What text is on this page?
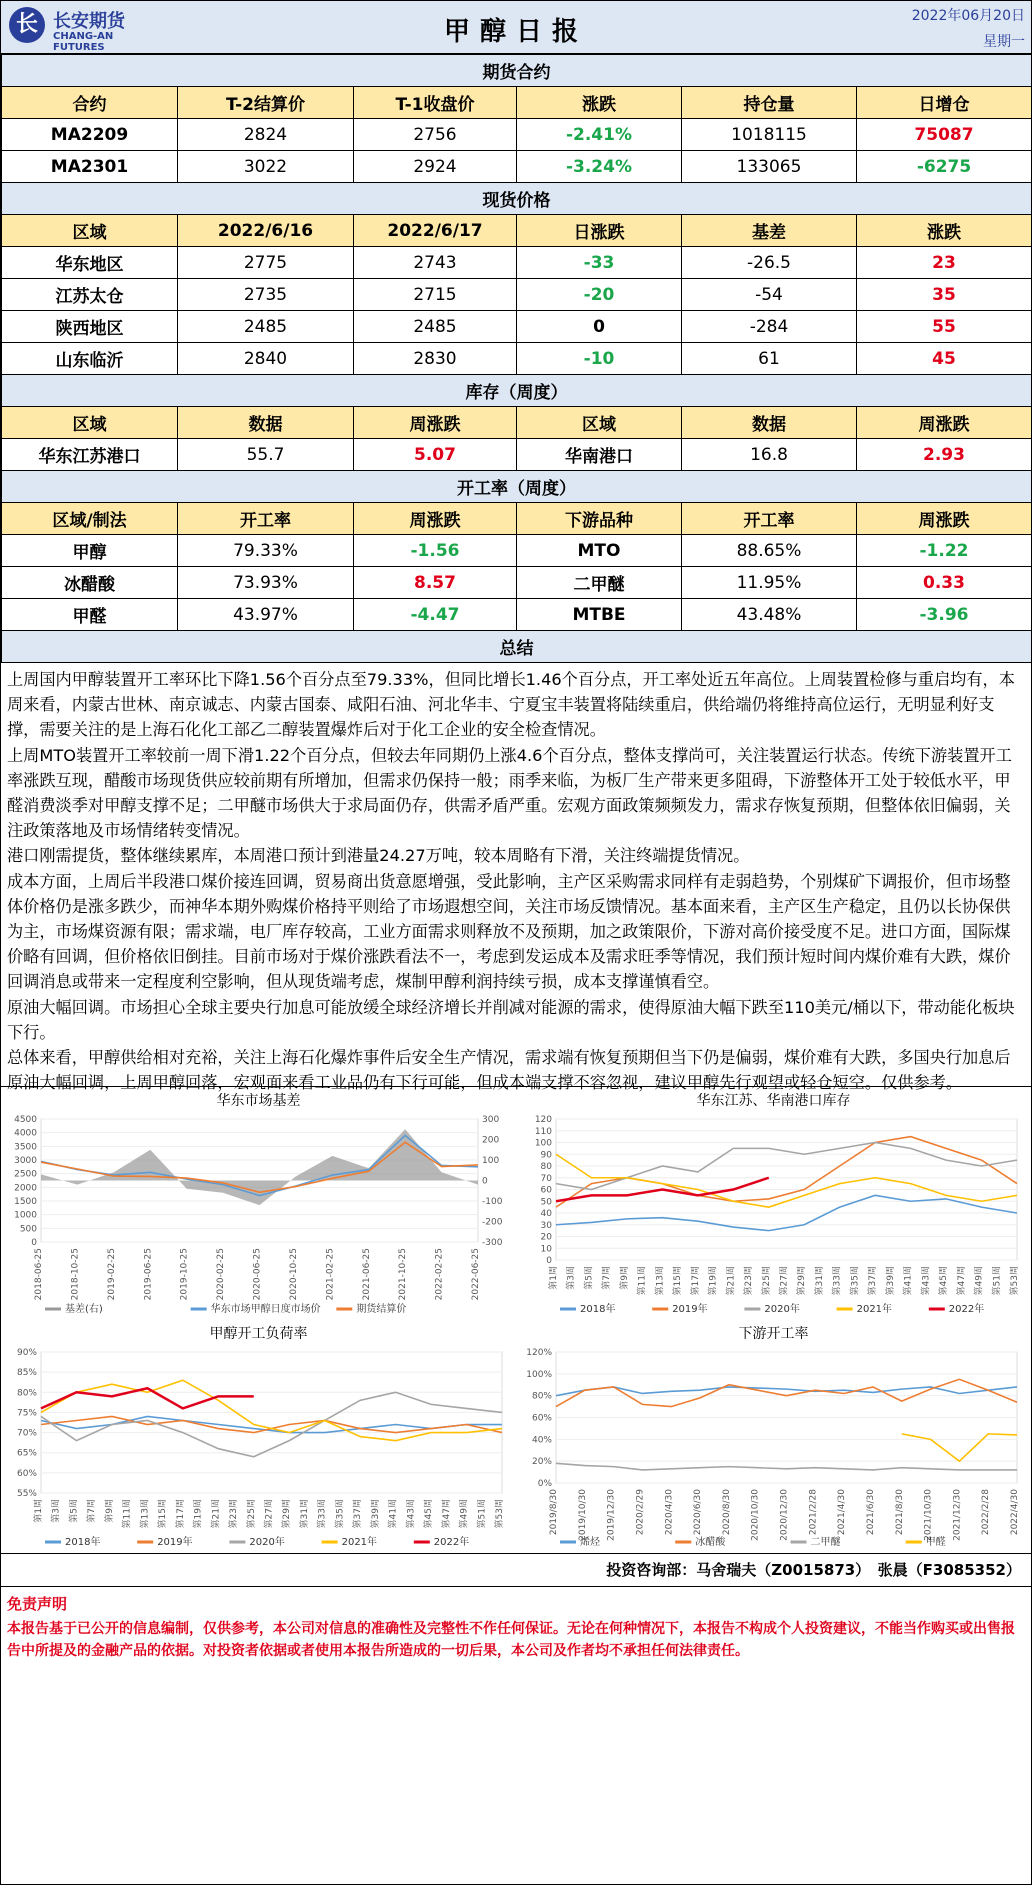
长 长安期货
CHANG-AN FUTURES
甲醇日报
2022年06月20日
星期一
期货合约					
合约	T-2结算价	T-1收盘价	涨跌	持仓量	日增仓
MA2209	2824	2756	-2.41%	1018115	75087
MA2301	3022	2924	-3.24%	133065	-6275
现货价格					
区域	2022/6/16	2022/6/17	日涨跌	基差	涨跌
华东地区	2775	2743	-33	-26.5	23
江苏太仓	2735	2715	-20	-54	35
陕西地区	2485	2485	0	-284	55
山东临沂	2840	2830	-10	61	45
库存（周度）					
区域	数据	周涨跌	区域	数据	周涨跌
华东江苏港口	55.7	5.07	华南港口	16.8	2.93
开工率（周度）					
区域/制法	开工率	周涨跌	下游品种	开工率	周涨跌
甲醇	79.33%	-1.56	MTO	88.65%	-1.22
冰醋酸	73.93%	8.57	二甲醚	11.95%	0.33
甲醛	43.97%	-4.47	MTBE	43.48%	-3.96
总结					

上周国内甲醇装置开工率环比下降1.56个百分点至79.33%，但同比增长1.46个百分点，开工率处近五年高位。上周装置检修与重启均有，本周来看，内蒙古世林、南京诚志、内蒙古国泰、咸阳石油、河北华丰、宁夏宝丰装置将陆续重启，供给端仍将维持高位运行，无明显利好支撑，需要关注的是上海石化化工部乙二醇装置爆炸后对于化工企业的安全检查情况。

上周MTO装置开工率较前一周下滑1.22个百分点，但较去年同期仍上涨4.6个百分点，整体支撑尚可，关注装置运行状态。传统下游装置开工率涨跌互现，醋酸市场现货供应较前期有所增加，但需求仍保持一般；雨季来临，为板厂生产带来更多阻碍，下游整体开工处于较低水平，甲醛消费淡季对甲醇支撑不足；二甲醚市场供大于求局面仍存，供需矛盾严重。宏观方面政策频频发力，需求存恢复预期，但整体依旧偏弱，关注政策落地及市场情绪转变情况。

港口刚需提货，整体继续累库，本周港口预计到港量24.27万吨，较本周略有下滑，关注终端提货情况。

成本方面，上周后半段港口煤价接连回调，贸易商出货意愿增强，受此影响，主产区采购需求同样有走弱趋势，个别煤矿下调报价，但市场整体价格仍是涨多跌少，而神华本期外购煤价格持平则给了市场遐想空间，关注市场反馈情况。基本面来看，主产区生产稳定，且仍以长协保供为主，市场煤资源有限；需求端，电厂库存较高，工业方面需求则释放不及预期，加之政策限价，下游对高价接受度不足。进口方面，国际煤价略有回调，但价格依旧倒挂。目前市场对于煤价涨跌看法不一，考虑到发运成本及需求旺季等情况，我们预计短时间内煤价难有大跌，煤价回调消息或带来一定程度利空影响，但从现货端考虑，煤制甲醇利润持续亏损，成本支撑谨慎看空。

原油大幅回调。市场担心全球主要央行加息可能放缓全球经济增长并削减对能源的需求，使得原油大幅下跌至110美元/桶以下，带动能化板块下行。

总体来看，甲醇供给相对充裕，关注上海石化爆炸事件后安全生产情况，需求端有恢复预期但当下仍是偏弱，煤价难有大跌，多国央行加息后原油大幅回调，上周甲醇回落，宏观面来看工业品仍有下行可能，但成本端支撑不容忽视，建议甲醇先行观望或轻仓短空。仅供参考。

华东市场基差
0
500
1000
1500
2000
2500
3000
3500
4000
4500
-300
-200
-100
0
100
200
300
2018-06-25	2018-10-25	2019-02-25	2019-06-25	2019-10-25	2020-02-25	2020-06-25	2020-10-25	2021-02-25	2021-06-25	2021-10-25	2022-02-25	2022-06-25
基差(右)	华东市场甲醇日度市场价	期货结算价
华东江苏、华南港口库存
0
10
20
30
40
50
60
70
80
90
100
110
120
第1周 第3周 第5周 第7周 第9周 第11周 第13周 第15周 第17周 第19周 第21周 第23周 第25周 第27周 第29周 第31周 第33周 第35周 第37周 第39周 第41周 第43周 第45周 第47周 第49周 第51周 第53周
2018年	2019年	2020年	2021年	2022年
甲醇开工负荷率
55%
60%
65%
70%
75%
80%
85%
90%
第1周 第3周 第5周 第7周 第9周 第11周 第13周 第15周 第17周 第19周 第21周 第23周 第25周 第27周 第29周 第31周 第33周 第35周 第37周 第39周 第41周 第43周 第45周 第47周 第49周 第51周 第53周
2018年	2019年	2020年	2021年	2022年
下游开工率
0%
20%
40%
60%
80%
100%
120%
2019/8/30 2019/10/30 2019/12/30 2020/2/29 2020/4/30 2020/6/30 2020/8/30 2020/10/30 2020/12/30 2021/2/28 2021/4/30 2021/6/30 2021/8/30 2021/10/30 2021/12/30 2022/2/28 2022/4/30
烯烃	冰醋酸	二甲醚	甲醛
投资咨询部：马舍瑞夫（Z0015873）　张晨（F3085352）
免责声明
本报告基于已公开的信息编制，仅供参考，本公司对信息的准确性及完整性不作任何保证。无论在何种情况下，本报告不构成个人投资建议，不能当作购买或出售报告中所提及的金融产品的依据。对投资者依据或者使用本报告所造成的一切后果，本公司及作者均不承担任何法律责任。
